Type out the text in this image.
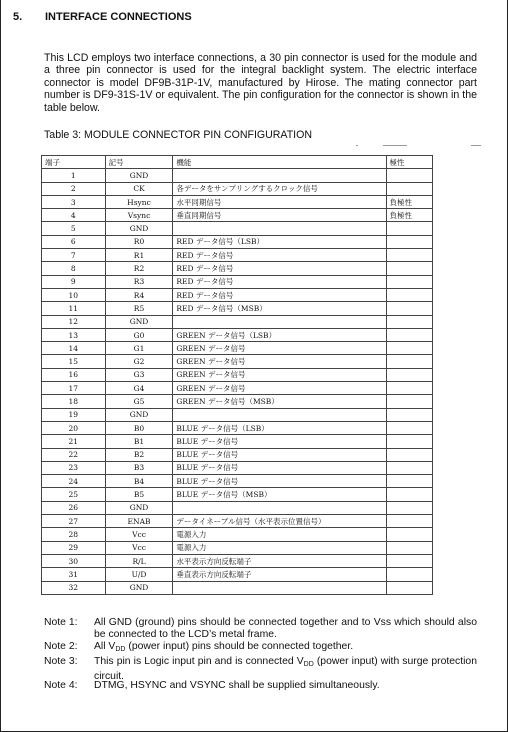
5. INTERFACE CONNECTIONS
This LCD employs two interface connections, a 30 pin connector is used for the module and a three pin connector is used for the integral backlight system. The electric interface connector is model DF9B-31P-1V, manufactured by Hirose. The mating connector part number is DF9-31S-1V or equivalent. The pin configuration for the connector is shown in the table below.
Table 3: MODULE CONNECTOR PIN CONFIGURATION
端子	記号	機能	極性
1	GND		
2	CK	各データをサンプリングするクロック信号	
3	Hsync	水平同期信号	負極性
4	Vsync	垂直同期信号	負極性
5	GND		
6	R0	RED データ信号（LSB）	
7	R1	RED データ信号	
8	R2	RED データ信号	
9	R3	RED データ信号	
10	R4	RED データ信号	
11	R5	RED データ信号（MSB）	
12	GND		
13	G0	GREEN データ信号（LSB）	
14	G1	GREEN データ信号	
15	G2	GREEN データ信号	
16	G3	GREEN データ信号	
17	G4	GREEN データ信号	
18	G5	GREEN データ信号（MSB）	
19	GND		
20	B0	BLUE データ信号（LSB）	
21	B1	BLUE データ信号	
22	B2	BLUE データ信号	
23	B3	BLUE データ信号	
24	B4	BLUE データ信号	
25	B5	BLUE データ信号（MSB）	
26	GND		
27	ENAB	データイネーブル信号（水平表示位置信号）	
28	Vcc	電源入力	
29	Vcc	電源入力	
30	R/L	水平表示方向反転端子	
31	U/D	垂直表示方向反転端子	
32	GND		
Note 1:	All GND (ground) pins should be connected together and to Vss which should also be connected to the LCD’s metal frame.
Note 2:	All $V_{DD}$ (power input) pins should be connected together.
Note 3:	This pin is Logic input pin and is connected $V_{DD}$ (power input) with surge protection circuit.
Note 4:	DTMG, HSYNC and VSYNC shall be supplied simultaneously.
